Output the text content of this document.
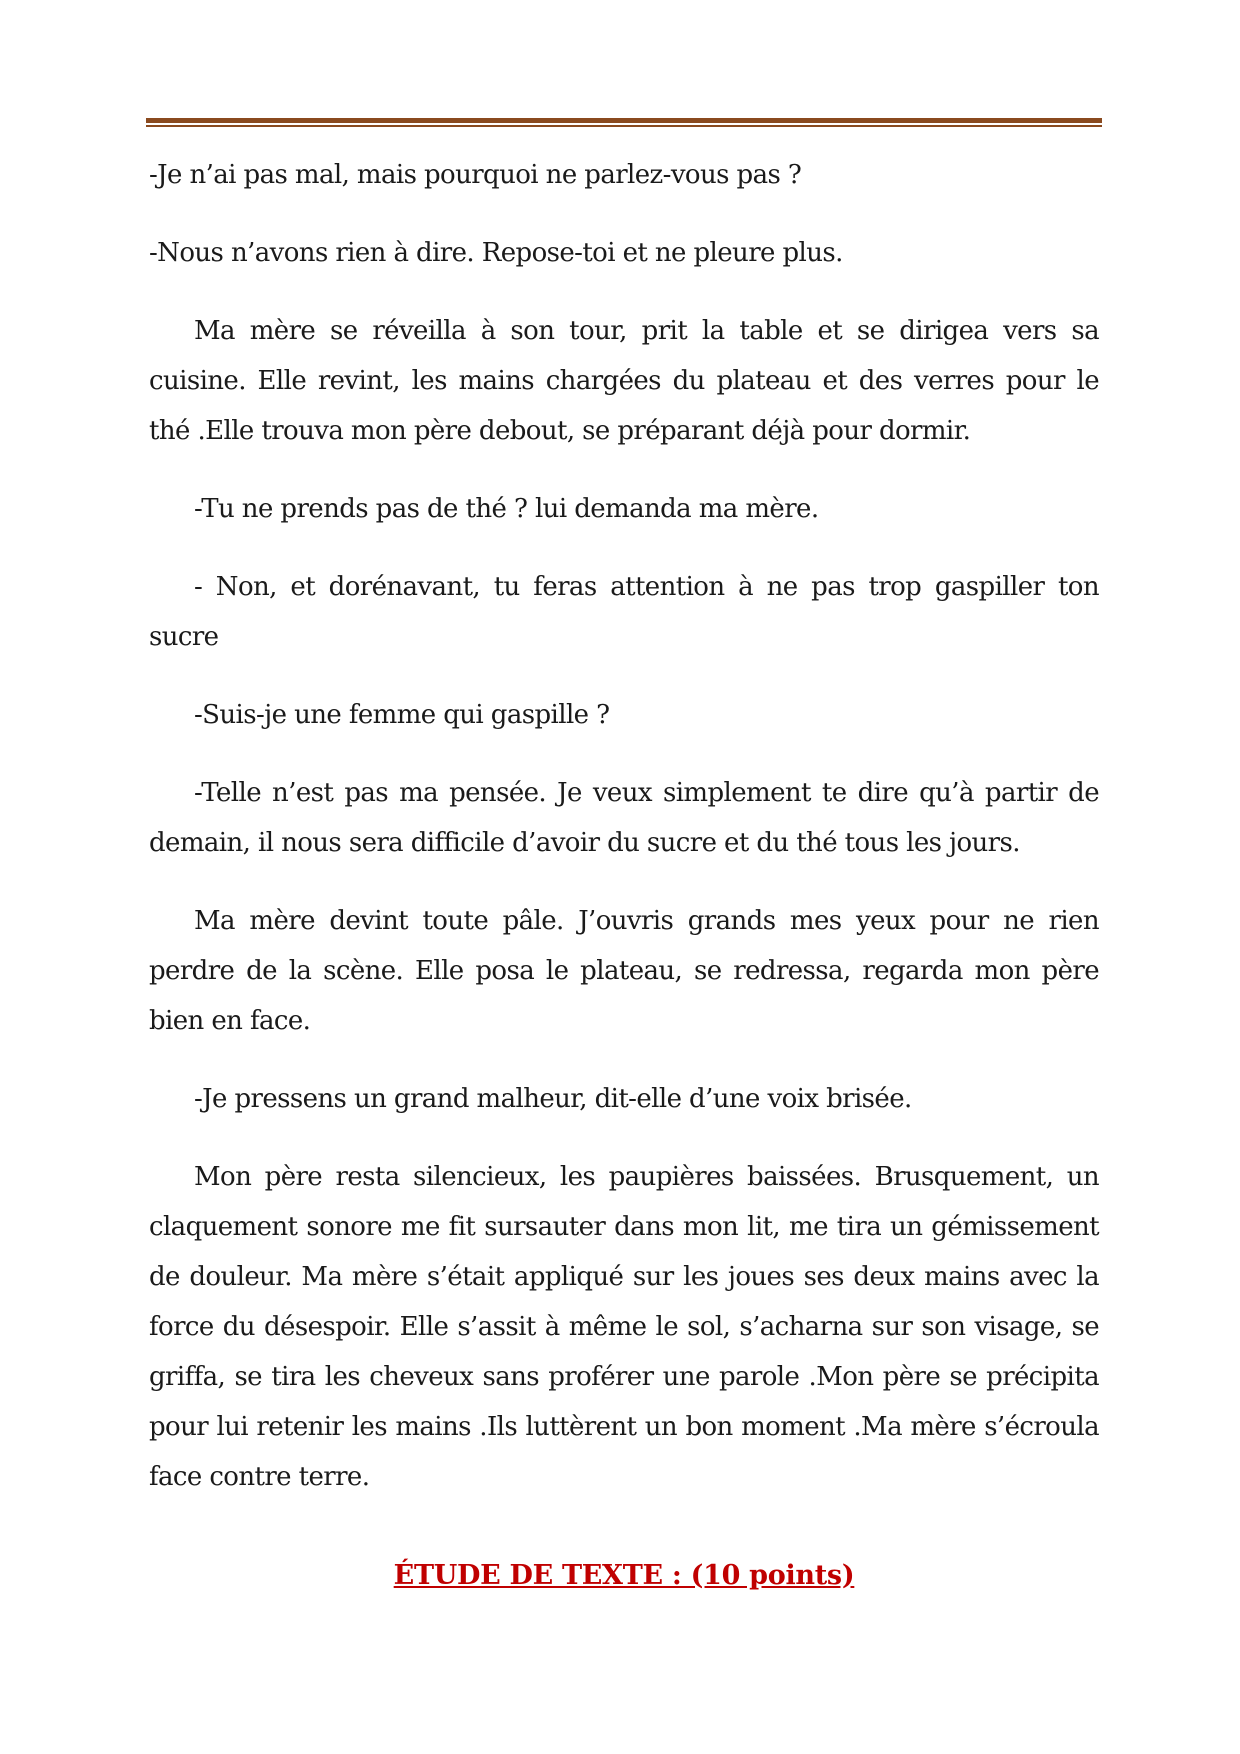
-Je n’ai pas mal, mais pourquoi ne parlez-vous pas ?

-Nous n’avons rien à dire. Repose-toi et ne pleure plus.

Ma mère se réveilla à son tour, prit la table et se dirigea vers sa cuisine. Elle revint, les mains chargées du plateau et des verres pour le thé .Elle trouva mon père debout, se préparant déjà pour dormir.

-Tu ne prends pas de thé ? lui demanda ma mère.

- Non, et dorénavant, tu feras attention à ne pas trop gaspiller ton sucre

-Suis-je une femme qui gaspille ?

-Telle n’est pas ma pensée. Je veux simplement te dire qu’à partir de demain, il nous sera difficile d’avoir du sucre et du thé tous les jours.

Ma mère devint toute pâle. J’ouvris grands mes yeux pour ne rien perdre de la scène. Elle posa le plateau, se redressa, regarda mon père bien en face.

-Je pressens un grand malheur, dit-elle d’une voix brisée.

Mon père resta silencieux, les paupières baissées. Brusquement, un claquement sonore me fit sursauter dans mon lit, me tira un gémissement de douleur. Ma mère s’était appliqué sur les joues ses deux mains avec la force du désespoir. Elle s’assit à même le sol, s’acharna sur son visage, se griffa, se tira les cheveux sans proférer une parole .Mon père se précipita pour lui retenir les mains .Ils luttèrent un bon moment .Ma mère s’écroula face contre terre.

ÉTUDE DE TEXTE : (10 points)
